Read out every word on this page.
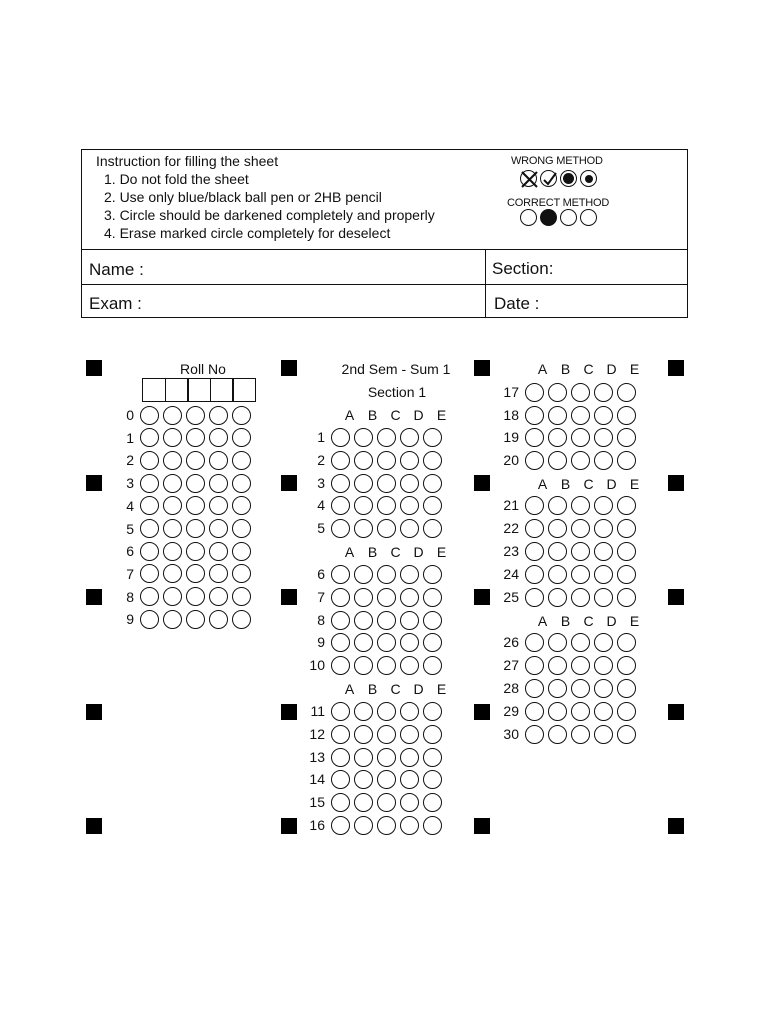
Instruction for filling the sheet
1. Do not fold the sheet
2. Use only blue/black ball pen or 2HB pencil
3. Circle should be darkened completely and properly
4. Erase marked circle completely for deselect
WRONG METHOD
CORRECT METHOD
Name :	Section:
Exam :	Date :
Roll No	2nd Sem - Sum 1
Section 1
0
1
2
3
4
5
6
7
8
9
1
2
3
4
5
6
7
8
9
10
11
12
13
14
15
16
A B C D E
A B C D E
A B C D E
17
18
19
20
21
22
23
24
25
26
27
28
29
30
A B C D E
A B C D E
A B C D E
